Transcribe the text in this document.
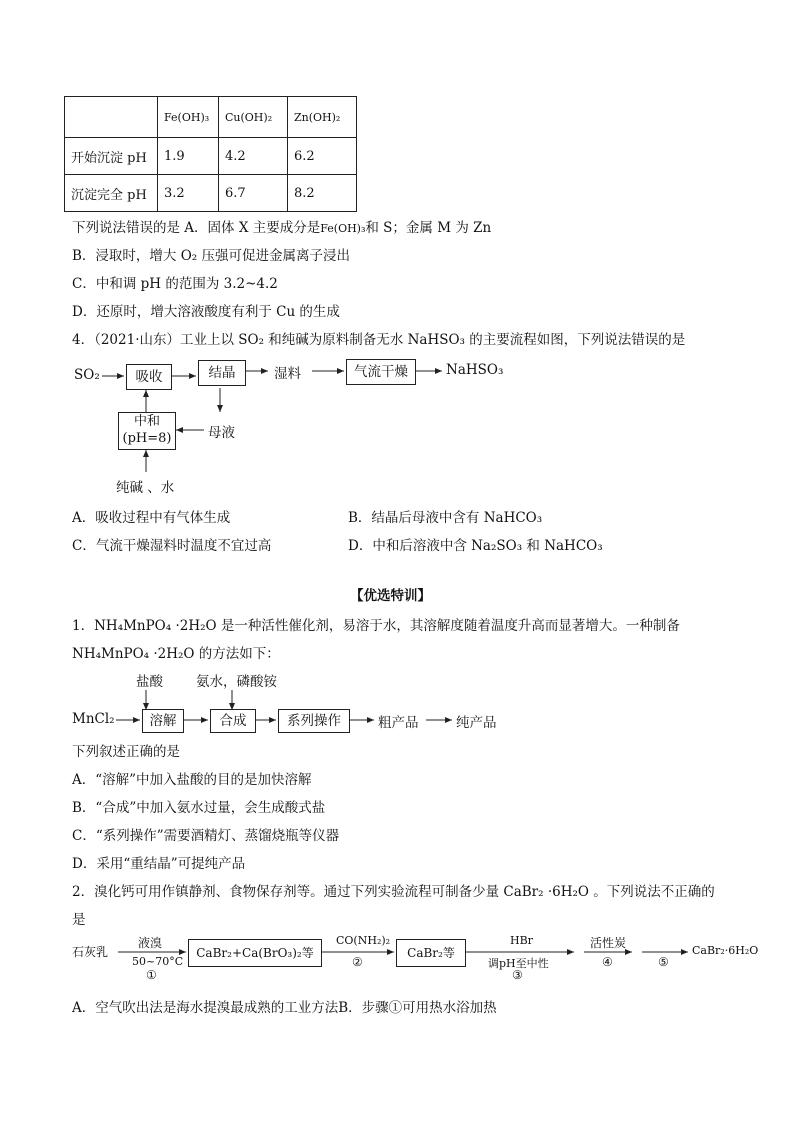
	Fe(OH)₃	Cu(OH)₂	Zn(OH)₂
开始沉淀 pH	1.9	4.2	6.2
沉淀完全 pH	3.2	6.7	8.2
下列说法错误的是 A．固体 X 主要成分是Fe(OH)₃和 S；金属 M 为 Zn
B．浸取时，增大 O₂ 压强可促进金属离子浸出
C．中和调 pH 的范围为 3.2~4.2
D．还原时，增大溶液酸度有利于 Cu 的生成
4．（2021·山东）工业上以 SO₂ 和纯碱为原料制备无水 NaHSO₃ 的主要流程如图，下列说法错误的是
SO₂	吸收	结晶	湿料	气流干燥	NaHSO₃
中和
(pH=8)	母液
纯碱 、水
A．吸收过程中有气体生成	B．结晶后母液中含有 NaHCO₃
C．气流干燥湿料时温度不宜过高	D．中和后溶液中含 Na₂SO₃ 和 NaHCO₃
【优选特训】
1．NH₄MnPO₄ ·2H₂O 是一种活性催化剂，易溶于水，其溶解度随着温度升高而显著增大。一种制备
NH₄MnPO₄ ·2H₂O 的方法如下：
盐酸 氨水，磷酸铵
MnCl₂	溶解	合成	系列操作	粗产品	纯产品
下列叙述正确的是
A．“溶解”中加入盐酸的目的是加快溶解
B．“合成”中加入氨水过量，会生成酸式盐
C．“系列操作”需要酒精灯、蒸馏烧瓶等仪器
D．采用“重结晶”可提纯产品
2．溴化钙可用作镇静剂、食物保存剂等。通过下列实验流程可制备少量 CaBr₂ ·6H₂O 。下列说法不正确的
是
石灰乳
液溴
50~70°C
①
CaBr₂+Ca(BrO₃)₂等
CO(NH₂)₂
②
CaBr₂等
HBr
调pH至中性
③
活性炭
④	⑤
CaBr₂·6H₂O
A．空气吹出法是海水提溴最成熟的工业方法B．步骤①可用热水浴加热
